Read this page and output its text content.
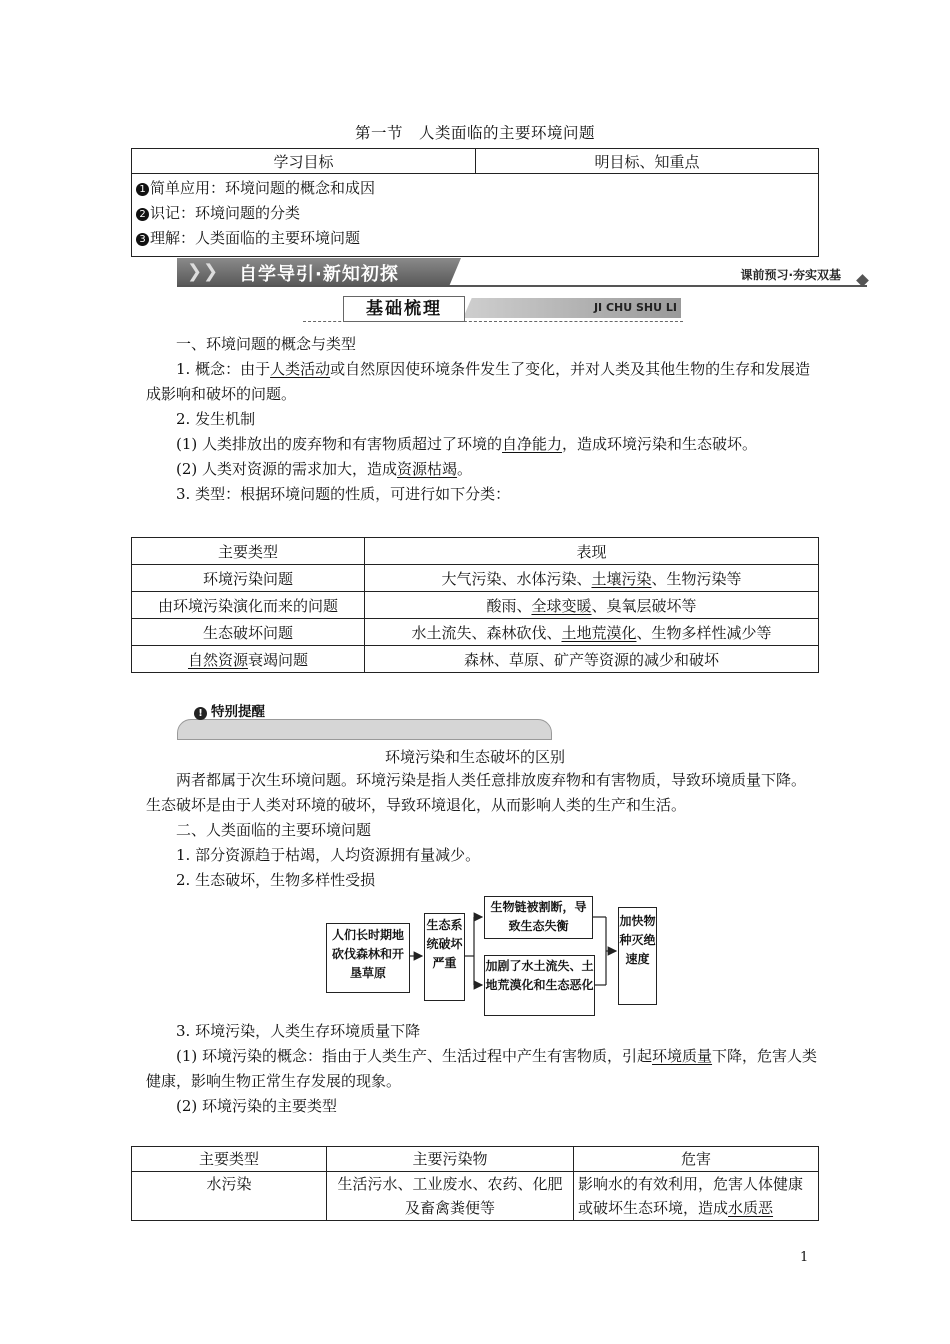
第一节　人类面临的主要环境问题
学习目标	明目标、知重点

1 简单应用：环境问题的概念和成因
2 识记：环境问题的分类
3 理解：人类面临的主要环境问题
❯ ❯ 自学导引·新知初探	课前预习·夯实双基
基础梳理	JI CHU SHU LI
一、环境问题的概念与类型
1. 概念：由于人类活动或自然原因使环境条件发生了变化，并对人类及其他生物的生存和发展造成影响和破坏的问题。
2. 发生机制
(1) 人类排放出的废弃物和有害物质超过了环境的自净能力，造成环境污染和生态破坏。
(2) 人类对资源的需求加大，造成资源枯竭。
3. 类型：根据环境问题的性质，可进行如下分类：
主要类型	表现
环境污染问题	大气污染、水体污染、土壤污染、生物污染等
由环境污染演化而来的问题	酸雨、全球变暖、臭氧层破坏等
生态破坏问题	水土流失、森林砍伐、土地荒漠化、生物多样性减少等
自然资源衰竭问题	森林、草原、矿产等资源的减少和破坏
! 特别提醒
环境污染和生态破坏的区别
两者都属于次生环境问题。环境污染是指人类任意排放废弃物和有害物质，导致环境质量下降。生态破坏是由于人类对环境的破坏，导致环境退化，从而影响人类的生产和生活。
二、人类面临的主要环境问题
1. 部分资源趋于枯竭，人均资源拥有量减少。
2. 生态破坏，生物多样性受损
人们长时期地砍伐森林和开垦草原
生态系统破坏严重
生物链被割断，导致生态失衡
加剧了水土流失、土地荒漠化和生态恶化
加快物种灭绝速度
3. 环境污染，人类生存环境质量下降
(1) 环境污染的概念：指由于人类生产、生活过程中产生有害物质，引起环境质量下降，危害人类健康，影响生物正常生存发展的现象。
(2) 环境污染的主要类型
主要类型	主要污染物	危害
水污染	生活污水、工业废水、农药、化肥及畜禽粪便等	影响水的有效利用，危害人体健康或破坏生态环境，造成水质恶
1
